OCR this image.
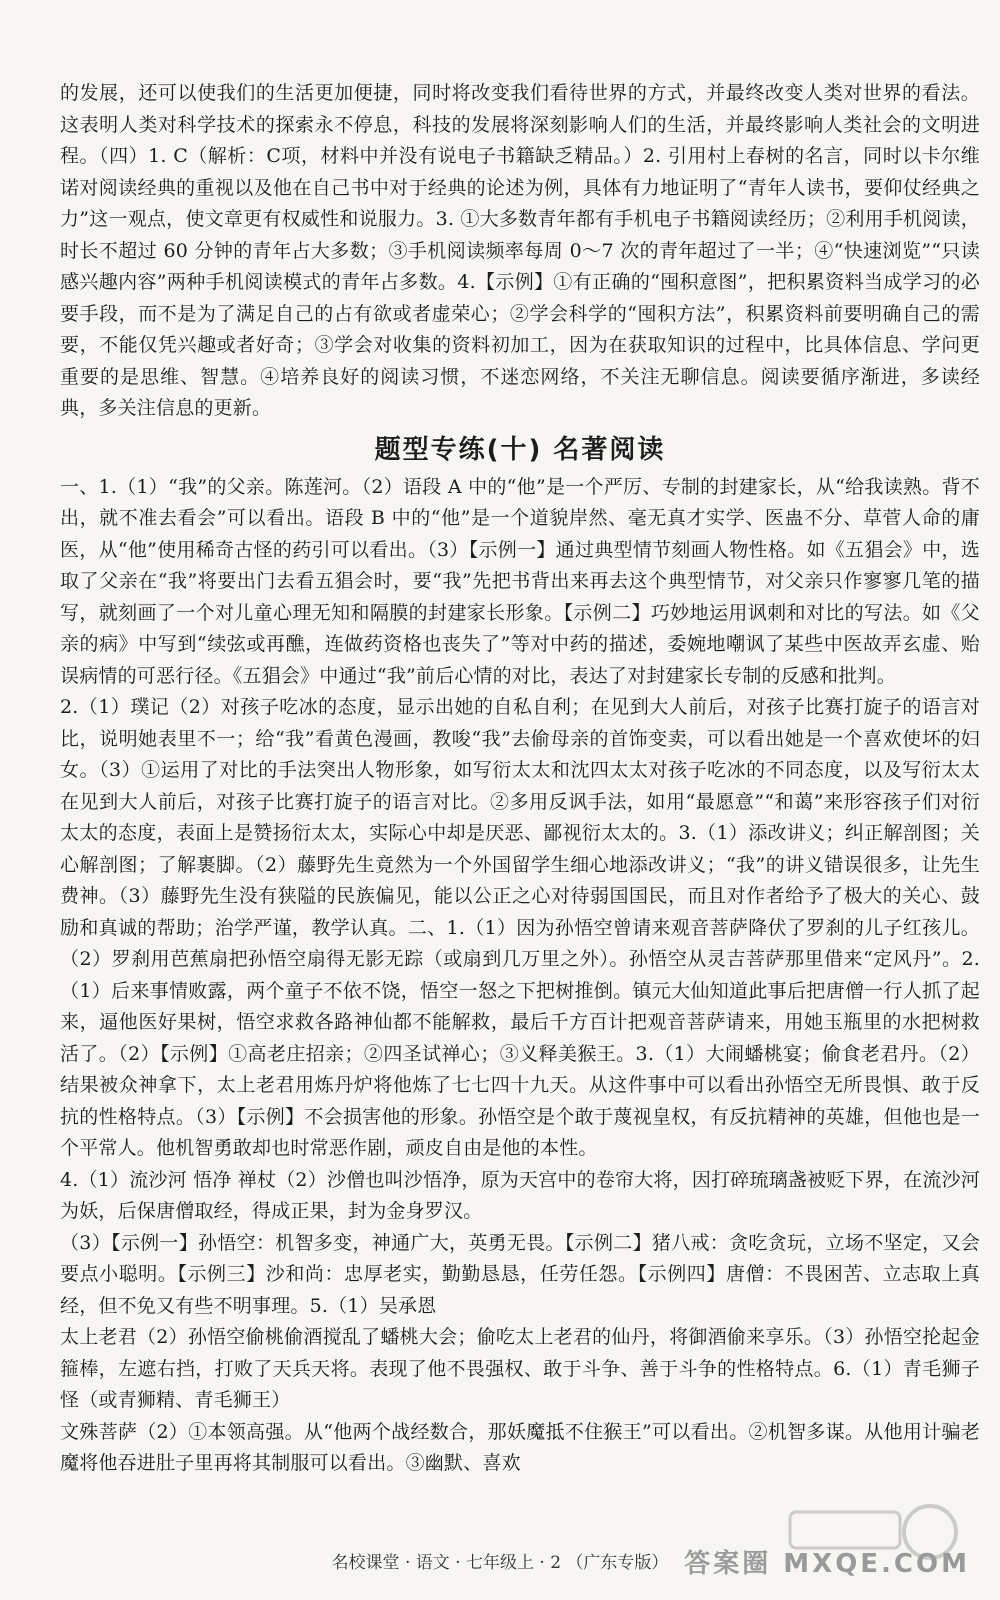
的发展，还可以使我们的生活更加便捷，同时将改变我们看待世界的方式，并最终改变人类对世界的看法。这表明人类对科学技术的探索永不停息，科技的发展将深刻影响人们的生活，并最终影响人类社会的文明进程。（四）1. C（解析：C项，材料中并没有说电子书籍缺乏精品。）2. 引用村上春树的名言，同时以卡尔维诺对阅读经典的重视以及他在自己书中对于经典的论述为例，具体有力地证明了“青年人读书，要仰仗经典之力”这一观点，使文章更有权威性和说服力。3. ①大多数青年都有手机电子书籍阅读经历；②利用手机阅读，时长不超过 60 分钟的青年占大多数；③手机阅读频率每周 0～7 次的青年超过了一半；④“快速浏览”“只读感兴趣内容”两种手机阅读模式的青年占多数。4.【示例】①有正确的“囤积意图”，把积累资料当成学习的必要手段，而不是为了满足自己的占有欲或者虚荣心；②学会科学的“囤积方法”，积累资料前要明确自己的需要，不能仅凭兴趣或者好奇；③学会对收集的资料初加工，因为在获取知识的过程中，比具体信息、学问更重要的是思维、智慧。④培养良好的阅读习惯，不迷恋网络，不关注无聊信息。阅读要循序渐进，多读经典，多关注信息的更新。

题型专练(十) 名著阅读

一、1.（1）“我”的父亲。陈莲河。（2）语段 A 中的“他”是一个严厉、专制的封建家长，从“给我读熟。背不出，就不准去看会”可以看出。语段 B 中的“他”是一个道貌岸然、毫无真才实学、医蛊不分、草菅人命的庸医，从“他”使用稀奇古怪的药引可以看出。（3）【示例一】通过典型情节刻画人物性格。如《五猖会》中，选取了父亲在“我”将要出门去看五猖会时，要“我”先把书背出来再去这个典型情节，对父亲只作寥寥几笔的描写，就刻画了一个对儿童心理无知和隔膜的封建家长形象。【示例二】巧妙地运用讽刺和对比的写法。如《父亲的病》中写到“续弦或再醮，连做药资格也丧失了”等对中药的描述，委婉地嘲讽了某些中医故弄玄虚、贻误病情的可恶行径。《五猖会》中通过“我”前后心情的对比，表达了对封建家长专制的反感和批判。

2.（1）璞记（2）对孩子吃冰的态度，显示出她的自私自利；在见到大人前后，对孩子比赛打旋子的语言对比，说明她表里不一；给“我”看黄色漫画，教唆“我”去偷母亲的首饰变卖，可以看出她是一个喜欢使坏的妇女。（3）①运用了对比的手法突出人物形象，如写衍太太和沈四太太对孩子吃冰的不同态度，以及写衍太太在见到大人前后，对孩子比赛打旋子的语言对比。②多用反讽手法，如用“最愿意”“和蔼”来形容孩子们对衍太太的态度，表面上是赞扬衍太太，实际心中却是厌恶、鄙视衍太太的。3.（1）添改讲义；纠正解剖图；关心解剖图；了解裹脚。（2）藤野先生竟然为一个外国留学生细心地添改讲义；“我”的讲义错误很多，让先生费神。（3）藤野先生没有狭隘的民族偏见，能以公正之心对待弱国国民，而且对作者给予了极大的关心、鼓励和真诚的帮助；治学严谨，教学认真。二、1.（1）因为孙悟空曾请来观音菩萨降伏了罗刹的儿子红孩儿。（2）罗刹用芭蕉扇把孙悟空扇得无影无踪（或扇到几万里之外）。孙悟空从灵吉菩萨那里借来“定风丹”。2.（1）后来事情败露，两个童子不依不饶，悟空一怒之下把树推倒。镇元大仙知道此事后把唐僧一行人抓了起来，逼他医好果树，悟空求救各路神仙都不能解救，最后千方百计把观音菩萨请来，用她玉瓶里的水把树救活了。（2）【示例】①高老庄招亲；②四圣试禅心；③义释美猴王。3.（1）大闹蟠桃宴；偷食老君丹。（2）结果被众神拿下，太上老君用炼丹炉将他炼了七七四十九天。从这件事中可以看出孙悟空无所畏惧、敢于反抗的性格特点。（3）【示例】不会损害他的形象。孙悟空是个敢于蔑视皇权，有反抗精神的英雄，但他也是一个平常人。他机智勇敢却也时常恶作剧，顽皮自由是他的本性。

4.（1）流沙河 悟净 禅杖（2）沙僧也叫沙悟净，原为天宫中的卷帘大将，因打碎琉璃盏被贬下界，在流沙河为妖，后保唐僧取经，得成正果，封为金身罗汉。

（3）【示例一】孙悟空：机智多变，神通广大，英勇无畏。【示例二】猪八戒：贪吃贪玩，立场不坚定，又会要点小聪明。【示例三】沙和尚：忠厚老实，勤勤恳恳，任劳任怨。【示例四】唐僧：不畏困苦、立志取上真经，但不免又有些不明事理。5.（1）吴承恩

太上老君（2）孙悟空偷桃偷酒搅乱了蟠桃大会；偷吃太上老君的仙丹，将御酒偷来享乐。（3）孙悟空抡起金箍棒，左遮右挡，打败了天兵天将。表现了他不畏强权、敢于斗争、善于斗争的性格特点。6.（1）青毛狮子怪（或青狮精、青毛狮王）

文殊菩萨（2）①本领高强。从“他两个战经数合，那妖魔抵不住猴王”可以看出。②机智多谋。从他用计骗老魔将他吞进肚子里再将其制服可以看出。③幽默、喜欢

名校课堂 · 语文 · 七年级上 · 2 （广东专版） 答案圈 MXQE.COM
